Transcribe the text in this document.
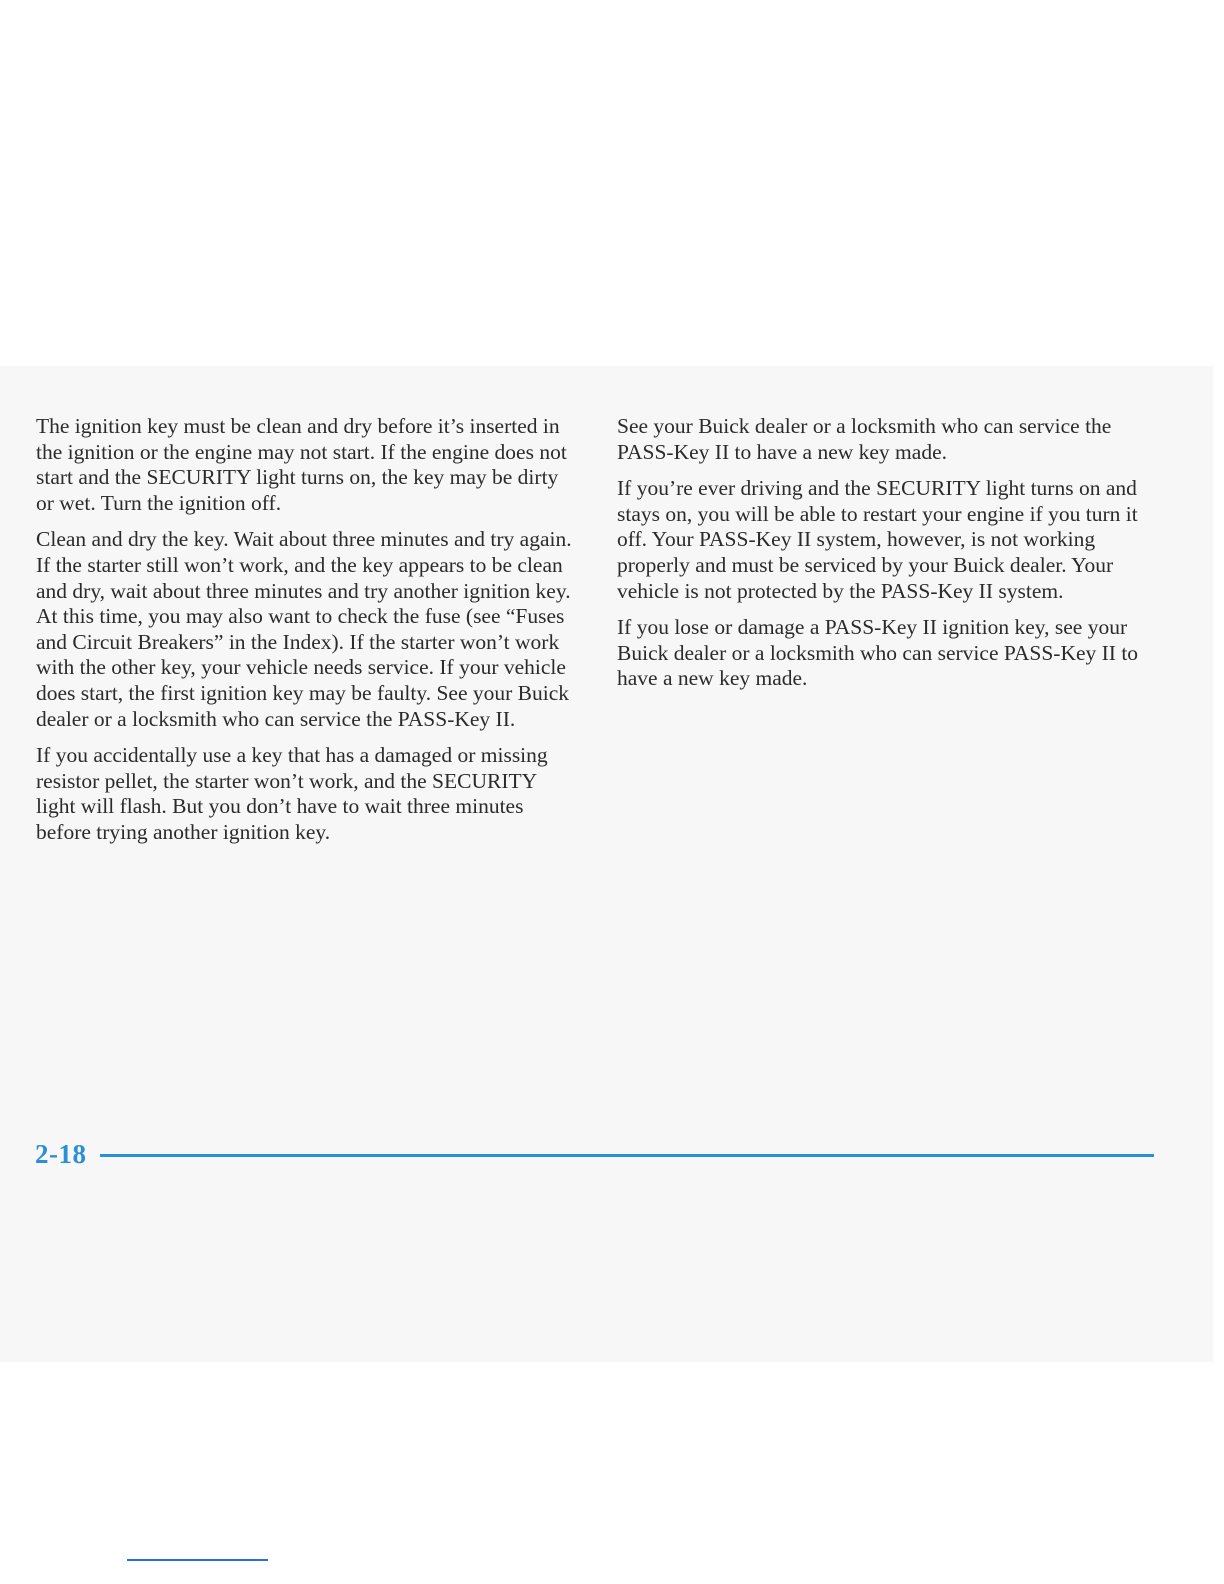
The ignition key must be clean and dry before it’s inserted in the ignition or the engine may not start. If the engine does not start and the SECURITY light turns on, the key may be dirty or wet. Turn the ignition off.

Clean and dry the key. Wait about three minutes and try again. If the starter still won’t work, and the key appears to be clean and dry, wait about three minutes and try another ignition key. At this time, you may also want to check the fuse (see “Fuses and Circuit Breakers” in the Index). If the starter won’t work with the other key, your vehicle needs service. If your vehicle does start, the first ignition key may be faulty. See your Buick dealer or a locksmith who can service the PASS-Key II.

If you accidentally use a key that has a damaged or missing resistor pellet, the starter won’t work, and the SECURITY light will flash. But you don’t have to wait three minutes before trying another ignition key.

See your Buick dealer or a locksmith who can service the PASS-Key II to have a new key made.

If you’re ever driving and the SECURITY light turns on and stays on, you will be able to restart your engine if you turn it off. Your PASS-Key II system, however, is not working properly and must be serviced by your Buick dealer. Your vehicle is not protected by the PASS-Key II system.

If you lose or damage a PASS-Key II ignition key, see your Buick dealer or a locksmith who can service PASS-Key II to have a new key made.

2-18
